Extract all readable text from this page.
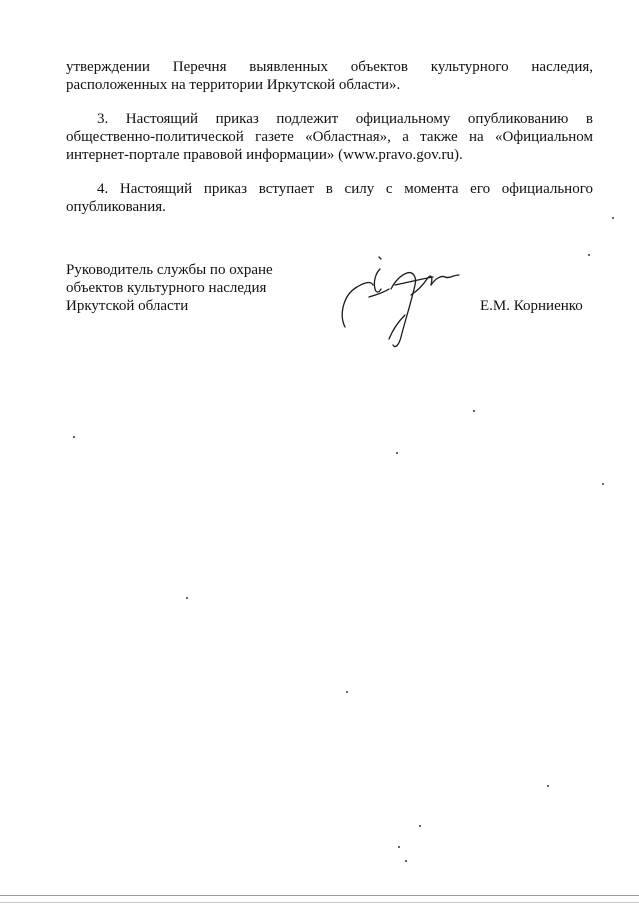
утверждении Перечня выявленных объектов культурного наследия,
расположенных на территории Иркутской области».
3. Настоящий приказ подлежит официальному опубликованию в
общественно-политической газете «Областная», а также на «Официальном
интернет-портале правовой информации» (www.pravo.gov.ru).
4. Настоящий приказ вступает в силу с момента его официального
опубликования.
Руководитель службы по охране
объектов культурного наследия
Иркутской области	Е.М. Корниенко
